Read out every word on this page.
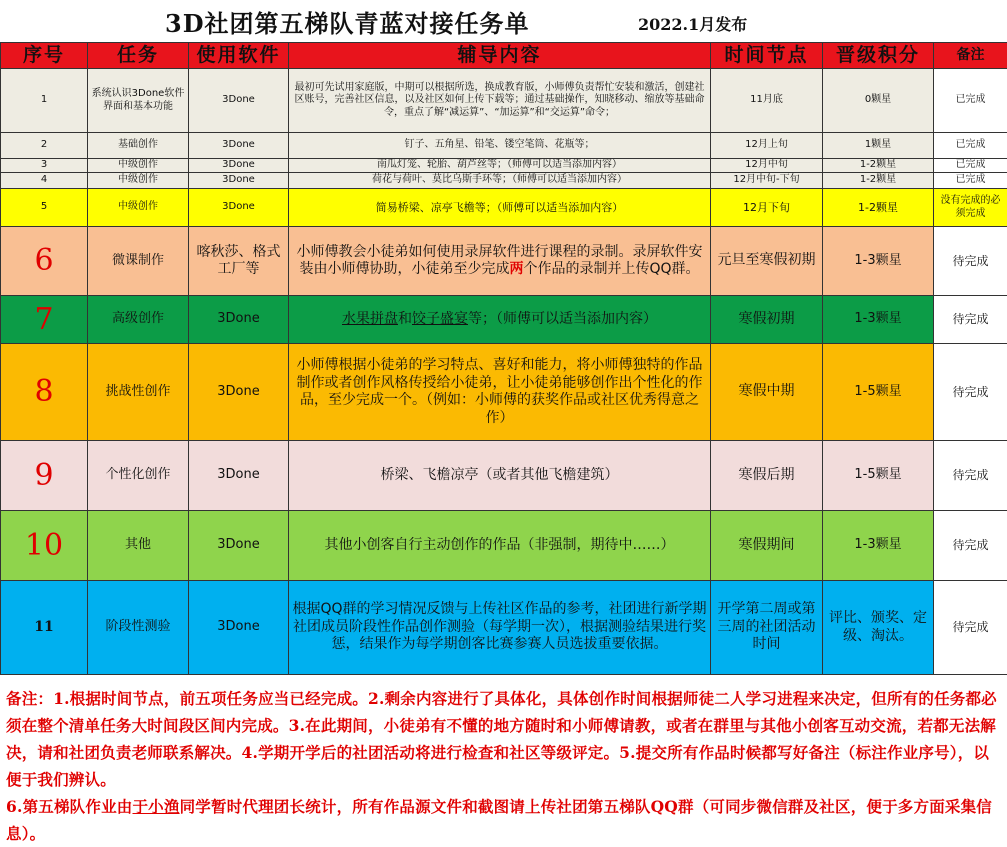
3D社团第五梯队青蓝对接任务单	2022.1月发布
序号	任务	使用软件	辅导内容	时间节点	晋级积分	备注
1	系统认识3Done软件界面和基本功能	3Done	最初可先试用家庭版，中期可以根据所选，换成教育版，小师傅负责帮忙安装和激活，创建社区账号，完善社区信息，以及社区如何上传下载等；通过基础操作，知晓移动、缩放等基础命令，重点了解“减运算”、“加运算”和“交运算”命令；	11月底	0颗星	已完成
2	基础创作	3Done	钉子、五角星、铅笔、镂空笔筒、花瓶等；	12月上旬	1颗星	已完成
3	中级创作	3Done	南瓜灯笼、轮胎、葫芦丝等；（师傅可以适当添加内容）	12月中旬	1-2颗星	已完成
4	中级创作	3Done	荷花与荷叶、莫比乌斯手环等；（师傅可以适当添加内容）	12月中旬-下旬	1-2颗星	已完成
5	中级创作	3Done	简易桥梁、凉亭飞檐等；（师傅可以适当添加内容）	12月下旬	1-2颗星	没有完成的必须完成
6	微课制作	喀秋莎、格式工厂等	小师傅教会小徒弟如何使用录屏软件进行课程的录制。录屏软件安装由小师傅协助，小徒弟至少完成两个作品的录制并上传QQ群。	元旦至寒假初期	1-3颗星	待完成
7	高级创作	3Done	水果拼盘和饺子盛宴等；（师傅可以适当添加内容）	寒假初期	1-3颗星	待完成
8	挑战性创作	3Done	小师傅根据小徒弟的学习特点、喜好和能力，将小师傅独特的作品制作或者创作风格传授给小徒弟，让小徒弟能够创作出个性化的作品，至少完成一个。（例如：小师傅的获奖作品或社区优秀得意之作）	寒假中期	1-5颗星	待完成
9	个性化创作	3Done	桥梁、飞檐凉亭（或者其他飞檐建筑）	寒假后期	1-5颗星	待完成
10	其他	3Done	其他小创客自行主动创作的作品（非强制，期待中……）	寒假期间	1-3颗星	待完成
11	阶段性测验	3Done	根据QQ群的学习情况反馈与上传社区作品的参考，社团进行新学期社团成员阶段性作品创作测验（每学期一次），根据测验结果进行奖惩，结果作为每学期创客比赛参赛人员选拔重要依据。	开学第二周或第三周的社团活动时间	评比、颁奖、定级、淘汰。	待完成
备注：1.根据时间节点，前五项任务应当已经完成。2.剩余内容进行了具体化，具体创作时间根据师徒二人学习进程来决定，但所有的任务都必须在整个清单任务大时间段区间内完成。3.在此期间，小徒弟有不懂的地方随时和小师傅请教，或者在群里与其他小创客互动交流，若都无法解决，请和社团负责老师联系解决。4.学期开学后的社团活动将进行检查和社区等级评定。5.提交所有作品时候都写好备注（标注作业序号），以便于我们辨认。
6.第五梯队作业由于小渔同学暂时代理团长统计，所有作品源文件和截图请上传社团第五梯队QQ群（可同步微信群及社区，便于多方面采集信息）。
